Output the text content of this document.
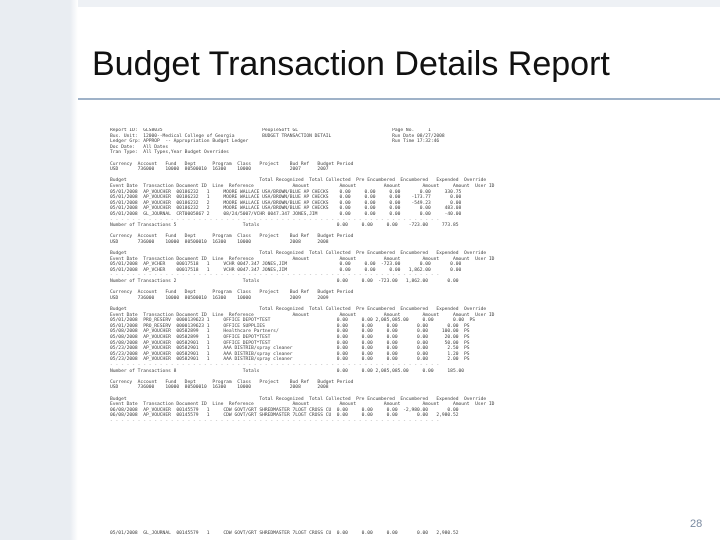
Budget Transaction Details Report
Report ID:  GLS8035                                    PeopleSoft GL                                  Page No.     1
Bus. Unit:  12000--Medical College of Georgia          BUDGET TRANSACTION DETAIL                      Run Date 08/27/2008
Ledger Grp: APPROP  -- Appropriation Budget Ledger                                                    Run Time 17:32:46
Doc Date:   All Dates
Tran Type:  All Types,Year Budget Overrides
Currency  Account   Fund   Dept      Program  Class   Project    Bud Ref   Budget Period
USD       736000    10000  80500010  16300    10000              2007      2007
Budget                                                Total Recognized  Total Collected  Pre Encumbered  Encumbered   Expended  Override
Event Date  Transaction Document ID  Line  Reference              Amount           Amount          Amount        Amount     Amount  User ID
05/01/2008  AP_VOUCHER  00186232   1     MOORE WALLACE USA/BROWN/BLUE AP CHECKS    0.00     0.00     0.00       0.00     330.75
05/01/2008  AP_VOUCHER  00186232   1     MOORE WALLACE USA/BROWN/BLUE AP CHECKS    0.00     0.00     0.00    -173.77       0.00
05/01/2008  AP_VOUCHER  00186232   2     MOORE WALLACE USA/BROWN/BLUE AP CHECKS    0.00     0.00     0.00    -549.23       0.00
05/01/2008  AP_VOUCHER  00186232   2     MOORE WALLACE USA/BROWN/BLUE AP CHECKS    0.00     0.00     0.00       0.00     483.08
05/01/2008  GL_JOURNAL  CRT0005867 2     08/24/5007/VCHR 0047.347 JONES,JIM        0.00     0.00     0.00       0.00     -40.00
- - - - - - - - - - - - - - - - - - - - - - - - - - - - - - - - - - - - - - - - - - - - - - - - - - - - - - - - - - - -
Number of Transactions 5                        Totals                            0.00     0.00     0.00    -723.00     773.85
Currency  Account   Fund   Dept      Program  Class   Project    Bud Ref   Budget Period
USD       736000    10000  80500010  16300    10000              2008      2008
Budget                                                Total Recognized  Total Collected  Pre Encumbered  Encumbered   Expended  Override
Event Date  Transaction Document ID  Line  Reference              Amount           Amount          Amount        Amount     Amount  User ID
05/01/2008  AP_VCHER    00017518   1     VCHR 0047.347 JONES,JIM                   0.00     0.00  -723.00       0.00       0.00
05/01/2008  AP_VCHER    00017518   1     VCHR 0047.347 JONES,JIM                   0.00     0.00     0.00   1,862.00       0.00
- - - - - - - - - - - - - - - - - - - - - - - - - - - - - - - - - - - - - - - - - - - - - - - - - - - - - - - - - - - -
Number of Transactions 2                        Totals                            0.00     0.00  -723.00   1,862.00       0.00
Currency  Account   Fund   Dept      Program  Class   Project    Bud Ref   Budget Period
USD       736000    10000  80500010  16300    10000              2009      2009
Budget                                                Total Recognized  Total Collected  Pre Encumbered  Encumbered   Expended  Override
Event Date  Transaction Document ID  Line  Reference              Amount           Amount          Amount        Amount     Amount  User ID
05/01/2008  PRO_RESERV  0000139623 1     OFFICE DEPOT*TEST                        0.00     0.00 2,085,085.00     0.00       0.00  PS
05/01/2008  PRO_RESERV  0000139623 1     OFFICE SUPPLIES                          0.00     0.00     0.00       0.00       0.00  PS
05/08/2008  AP_VOUCHER  00582899   1     Healthcare Partners/                     0.00     0.00     0.00       0.00     100.00  PS
05/08/2008  AP_VOUCHER  00582899   1     OFFICE DEPOT*TEST                        0.00     0.00     0.00       0.00      20.00  PS
05/08/2008  AP_VOUCHER  00582901   1     OFFICE DEPOT*TEST                        0.00     0.00     0.00       0.00      50.00  PS
05/23/2008  AP_VOUCHER  00582901   1     AAA DISTRIB/spray cleaner                0.00     0.00     0.00       0.00       2.50  PS
05/23/2008  AP_VOUCHER  00582901   1     AAA DISTRIB/spray cleaner                0.00     0.00     0.00       0.00       1.20  PS
05/23/2008  AP_VOUCHER  00582901   1     AAA DISTRIB/spray cleaner                0.00     0.00     0.00       0.00       2.00  PS
- - - - - - - - - - - - - - - - - - - - - - - - - - - - - - - - - - - - - - - - - - - - - - - - - - - - - - - - - - - -
Number of Transactions 8                        Totals                            0.00     0.00 2,085,085.00     0.00     185.00
Currency  Account   Fund   Dept      Program  Class   Project    Bud Ref   Budget Period
USD       736000    10000  80500010  16300    10000              2008      2008
Budget                                                Total Recognized  Total Collected  Pre Encumbered  Encumbered   Expended  Override
Event Date  Transaction Document ID  Line  Reference              Amount           Amount          Amount        Amount     Amount  User ID
06/08/2008  AP_VOUCHER  00145579   1     CDW GOVT/GRT SHREDMASTER 7LOGT CROSS CU  0.00     0.00     0.00  -2,980.00       0.00
06/08/2008  AP_VOUCHER  00145579   1     CDW GOVT/GRT SHREDMASTER 7LOGT CROSS CU  0.00     0.00     0.00       0.00   2,980.52
- - - - - - - - - - - - - - - - - - - - - - - - - - - - - - - - - - - - - - - - - - - - - - - - - - - - - - - - - - - -
05/01/2008  GL_JOURNAL  00145579   1     CDW GOVT/GRT SHREDMASTER 7LOGT CROSS CU  0.00     0.00     0.00       0.00   2,980.52
28
